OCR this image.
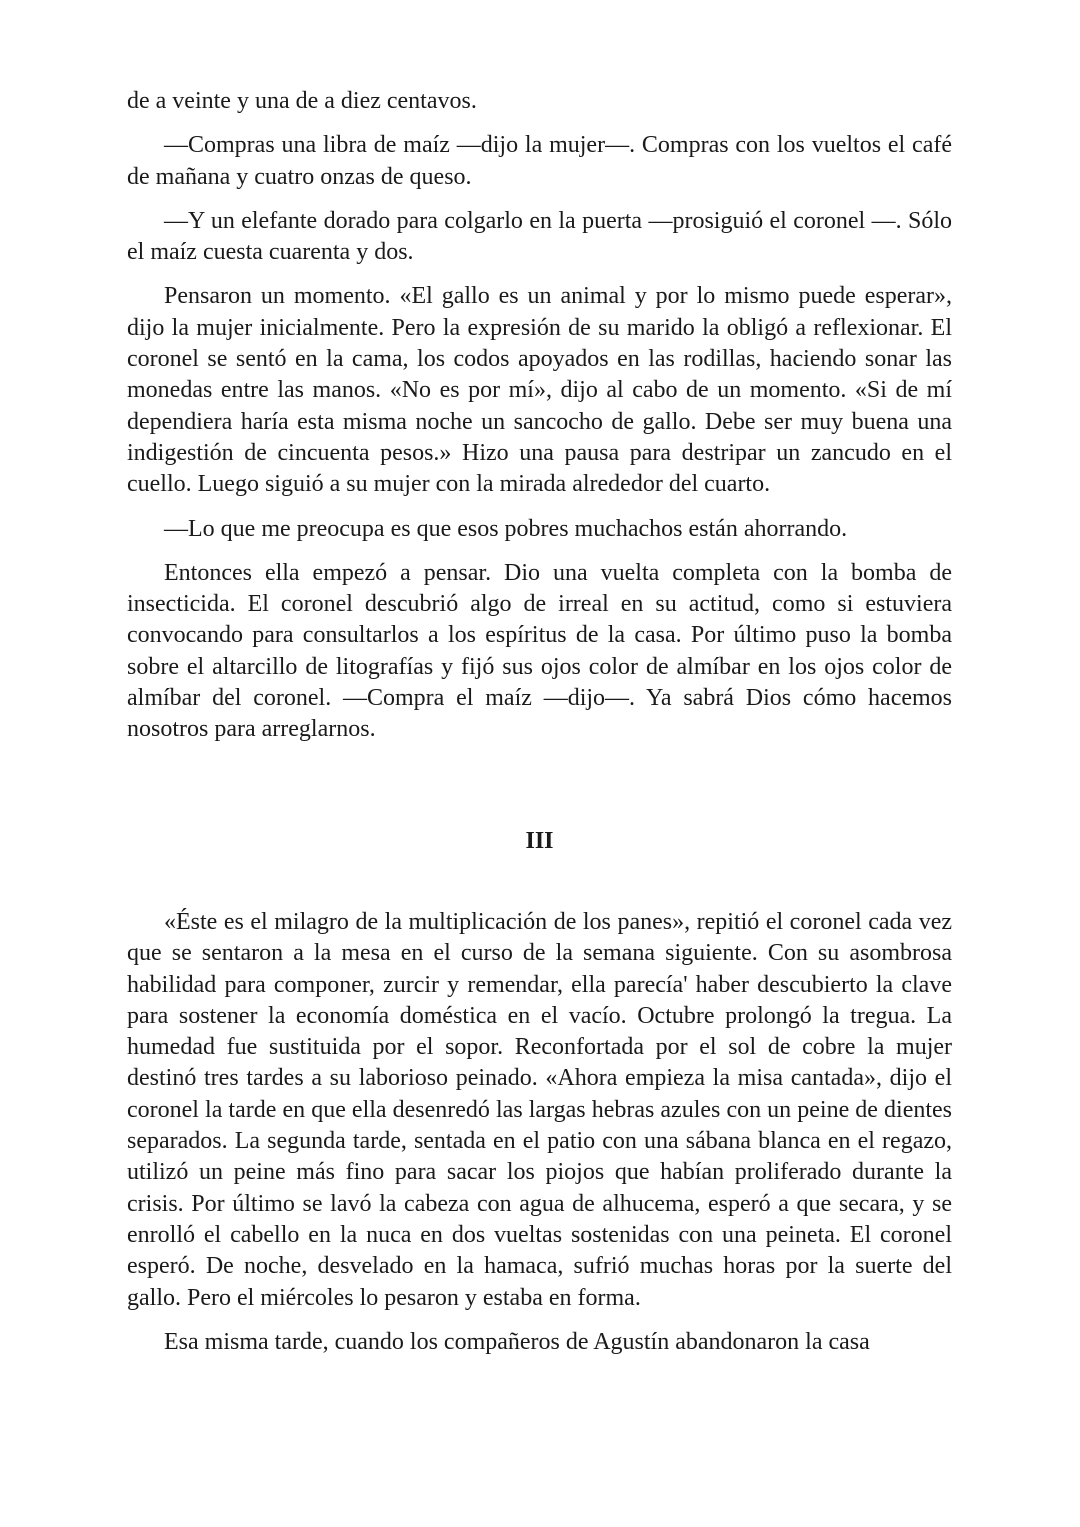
de a veinte y una de a diez centavos.

—Compras una libra de maíz —dijo la mujer—. Compras con los vueltos el café de mañana y cuatro onzas de queso.

—Y un elefante dorado para colgarlo en la puerta —prosiguió el coronel —. Sólo el maíz cuesta cuarenta y dos.

Pensaron un momento. «El gallo es un animal y por lo mismo puede esperar», dijo la mujer inicialmente. Pero la expresión de su marido la obligó a reflexionar. El coronel se sentó en la cama, los codos apoyados en las rodillas, haciendo sonar las monedas entre las manos. «No es por mí», dijo al cabo de un momento. «Si de mí dependiera haría esta misma noche un sancocho de gallo. Debe ser muy buena una indigestión de cincuenta pesos.» Hizo una pausa para destripar un zancudo en el cuello. Luego siguió a su mujer con la mirada alrededor del cuarto.

—Lo que me preocupa es que esos pobres muchachos están ahorrando.

Entonces ella empezó a pensar. Dio una vuelta completa con la bomba de insecticida. El coronel descubrió algo de irreal en su actitud, como si estuviera convocando para consultarlos a los espíritus de la casa. Por último puso la bomba sobre el altarcillo de litografías y fijó sus ojos color de almíbar en los ojos color de almíbar del coronel. —Compra el maíz —dijo—. Ya sabrá Dios cómo hacemos nosotros para arreglarnos.

III

«Éste es el milagro de la multiplicación de los panes», repitió el coronel cada vez que se sentaron a la mesa en el curso de la semana siguiente. Con su asombrosa habilidad para componer, zurcir y remendar, ella parecía' haber descubierto la clave para sostener la economía doméstica en el vacío. Octubre prolongó la tregua. La humedad fue sustituida por el sopor. Reconfortada por el sol de cobre la mujer destinó tres tardes a su laborioso peinado. «Ahora empieza la misa cantada», dijo el coronel la tarde en que ella desenredó las largas hebras azules con un peine de dientes separados. La segunda tarde, sentada en el patio con una sábana blanca en el regazo, utilizó un peine más fino para sacar los piojos que habían proliferado durante la crisis. Por último se lavó la cabeza con agua de alhucema, esperó a que secara, y se enrolló el cabello en la nuca en dos vueltas sostenidas con una peineta. El coronel esperó. De noche, desvelado en la hamaca, sufrió muchas horas por la suerte del gallo. Pero el miércoles lo pesaron y estaba en forma.

Esa misma tarde, cuando los compañeros de Agustín abandonaron la casa
